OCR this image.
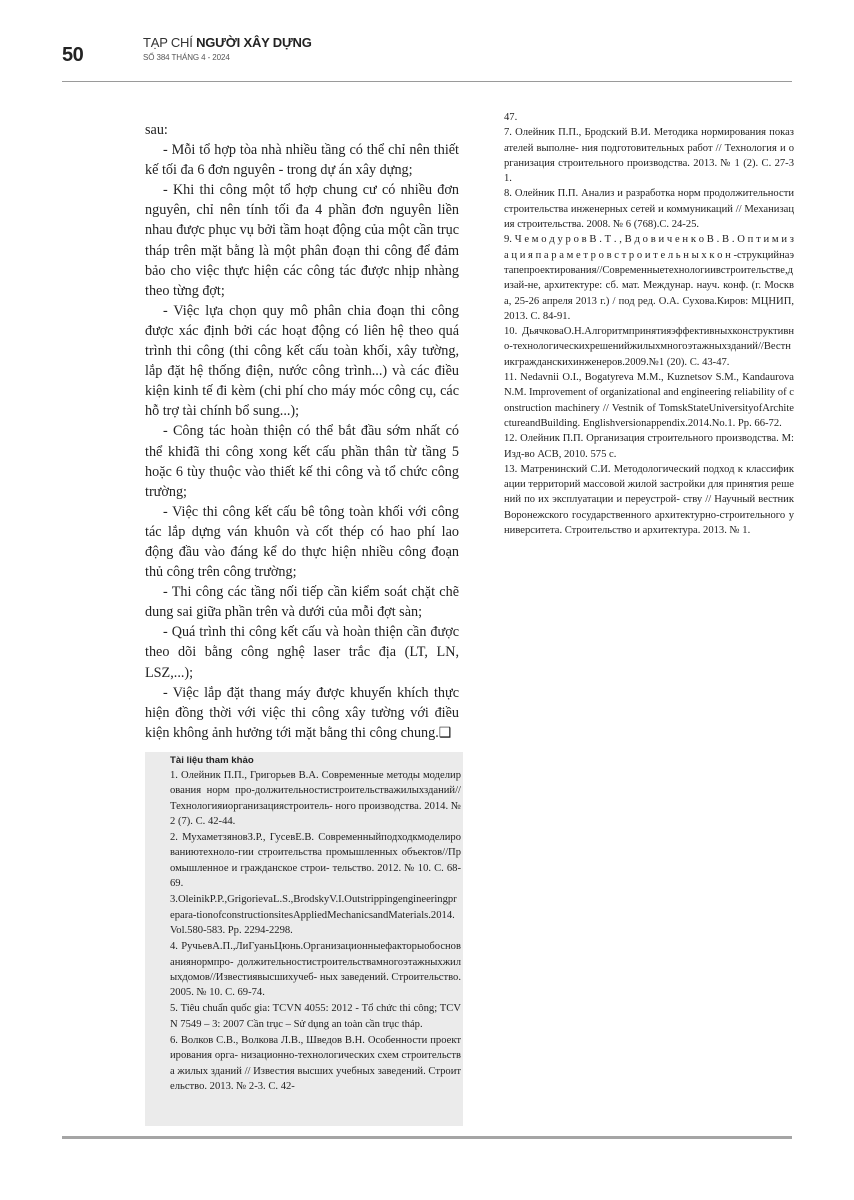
50
TẠP CHÍ NGƯỜI XÂY DỰNG
SỐ 384 THÁNG 4 - 2024

sau:

- Mỗi tổ hợp tòa nhà nhiều tầng có thể chỉ nên thiết kế tối đa 6 đơn nguyên - trong dự án xây dựng;

- Khi thi công một tổ hợp chung cư có nhiều đơn nguyên, chỉ nên tính tối đa 4 phần đơn nguyên liền nhau được phục vụ bởi tầm hoạt động của một cần trục tháp trên mặt bằng là một phân đoạn thi công để đảm bảo cho việc thực hiện các công tác được nhịp nhàng theo từng đợt;

- Việc lựa chọn quy mô phân chia đoạn thi công được xác định bởi các hoạt động có liên hệ theo quá trình thi công (thi công kết cấu toàn khối, xây tường, lắp đặt hệ thống điện, nước công trình...) và các điều kiện kinh tế đi kèm (chi phí cho máy móc công cụ, các hỗ trợ tài chính bổ sung...);

- Công tác hoàn thiện có thể bắt đầu sớm nhất có thể khiđã thi công xong kết cấu phần thân từ tầng 5 hoặc 6 tùy thuộc vào thiết kế thi công và tổ chức công trường;

- Việc thi công kết cấu bê tông toàn khối với công tác lắp dựng ván khuôn và cốt thép có hao phí lao động đầu vào đáng kể do thực hiện nhiều công đoạn thủ công trên công trường;

- Thi công các tầng nối tiếp cần kiểm soát chặt chẽ dung sai giữa phần trên và dưới của mỗi đợt sàn;

- Quá trình thi công kết cấu và hoàn thiện cần được theo dõi bằng công nghệ laser trắc địa (LT, LN, LSZ,...);

- Việc lắp đặt thang máy được khuyến khích thực hiện đồng thời với việc thi công xây tường với điều kiện không ảnh hưởng tới mặt bằng thi công chung.❑

Tài liệu tham khảo

1. Олейник П.П., Григорьев В.А. Современные методы моделирования норм про-должительностистроительстважилыхзданий//Технологияиорганизациястроитель- ного производства. 2014. № 2 (7). С. 42-44.

2. МухаметзяновЗ.Р., ГусевЕ.В. Современныйподходкмоделированиютехноло-гии строительства промышленных объектов//Промышленное и гражданское строи- тельство. 2012. № 10. С. 68-69.

3.OleinikP.P.,GrigorievaL.S.,BrodskyV.I.Outstrippingengineeringprepara-tionofconstructionsitesAppliedMechanicsandMaterials.2014.Vol.580-583. Pp. 2294-2298.

4. РучьевА.П.,ЛиГуаньЦюнь.Организационныефакторыобоснованиянормпро- должительностистроительствамногоэтажныхжилыхдомов//Известиявысшихучеб- ных заведений. Строительство. 2005. № 10. С. 69-74.

5. Tiêu chuẩn quốc gia: TCVN 4055: 2012 - Tổ chức thi công; TCVN 7549 – 3: 2007 Cần trục – Sử dụng an toàn cần trục tháp.

6. Волков С.В., Волкова Л.В., Шведов В.Н. Особенности проектирования орга- низационно-технологических схем строительства жилых зданий // Известия высших учебных заведений. Строительство. 2013. № 2-3. С. 42-

47.

7. Олейник П.П., Бродский В.И. Методика нормирования показателей выполне- ния подготовительных работ // Технология и организация строительного производства. 2013. № 1 (2). С. 27-31.

8. Олейник П.П. Анализ и разработка норм продолжительности строительства инженерных сетей и коммуникаций // Механизация строительства. 2008. № 6 (768).С. 24-25.

9. Ч е м о д у р о в В . Т . , В д о в и ч е н к о В . В . О п т и м и з а ц и я п а р а м е т р о в с т р о и т е л ь н ы х к о н -струкцийнаэтапепроектирования//Современныетехнологиивстроительстве,дизай-не, архитектуре: сб. мат. Междунар. науч. конф. (г. Москва, 25-26 апреля 2013 г.) / под ред. О.А. Сухова.Киров: МЦНИП, 2013. С. 84-91.

10. ДьячковаО.Н.Алгоритмпринятияэффективныхконструктивно-технологическихрешенийжилыхмногоэтажныхзданий//Вестникгражданскихинженеров.2009.№1 (20). С. 43-47.

11. Nedavnii O.I., Bogatyreva M.M., Kuznetsov S.M., Kandaurova N.M. Improvement of organizational and engineering reliability of construction machinery // Vestnik of TomskStateUniversityofArchitectureandBuilding. Englishversionappendix.2014.No.1. Pp. 66-72.

12. Олейник П.П. Организация строительного производства. М:Изд-во АСВ, 2010. 575 с.

13. Матренинский С.И. Методологический подход к классификации территорий массовой жилой застройки для принятия решений по их эксплуатации и переустрой- ству // Научный вестник Воронежского государственного архитектурно-строительного университета. Строительство и архитектура. 2013. № 1.
